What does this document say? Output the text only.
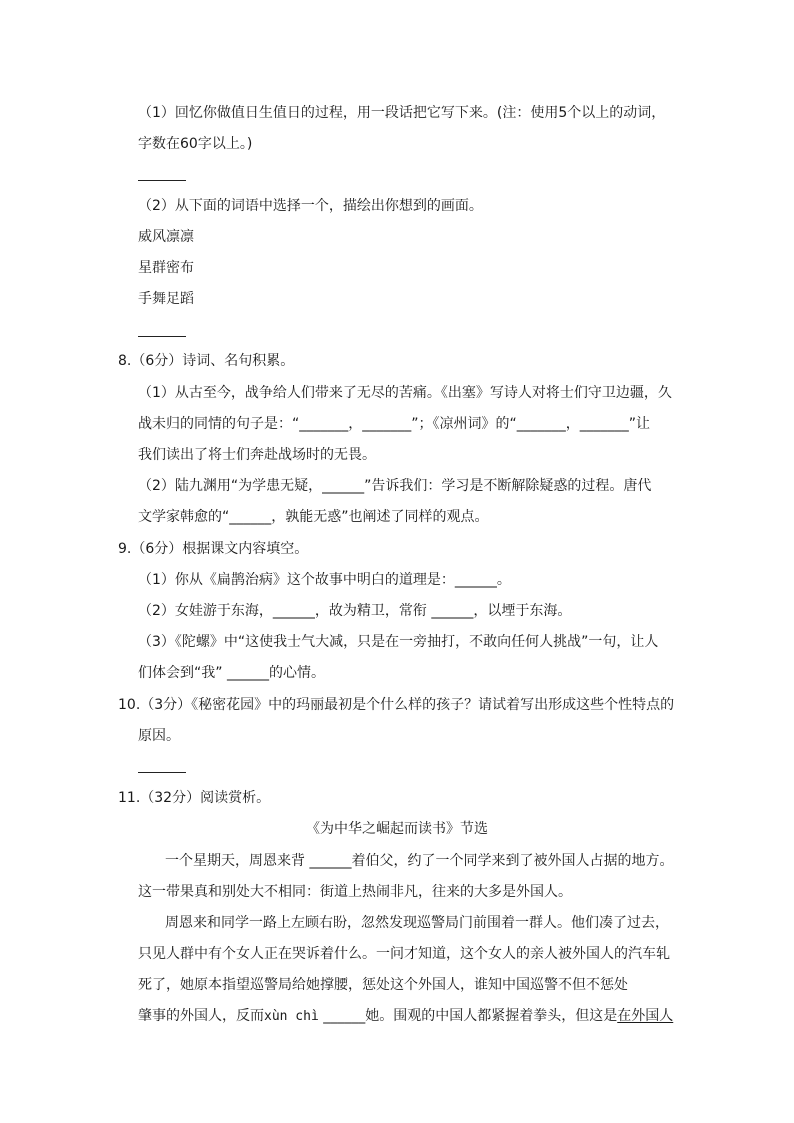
（1）回忆你做值日生值日的过程，用一段话把它写下来。(注：使用5个以上的动词，
字数在60字以上。)
（2）从下面的词语中选择一个，描绘出你想到的画面。
威风凛凛
星群密布
手舞足蹈
8.（6分）诗词、名句积累。
（1）从古至今，战争给人们带来了无尽的苦痛。《出塞》写诗人对将士们守卫边疆，久
战未归的同情的句子是：“_______，_______”；《凉州词》的“_______，_______”让
我们读出了将士们奔赴战场时的无畏。
（2）陆九渊用“为学患无疑，______”告诉我们：学习是不断解除疑惑的过程。唐代
文学家韩愈的“______，孰能无惑”也阐述了同样的观点。
9.（6分）根据课文内容填空。
（1）你从《扁鹊治病》这个故事中明白的道理是：______。
（2）女娃游于东海，______，故为精卫，常衔 ______，以堙于东海。
（3）《陀螺》中“这使我士气大减，只是在一旁抽打，不敢向任何人挑战”一句，让人
们体会到“我” ______的心情。
10.（3分）《秘密花园》中的玛丽最初是个什么样的孩子？请试着写出形成这些个性特点的
原因。
11.（32分）阅读赏析。
《为中华之崛起而读书》节选
一个星期天，周恩来背 ______着伯父，约了一个同学来到了被外国人占据的地方。
这一带果真和别处大不相同：街道上热闹非凡，往来的大多是外国人。
周恩来和同学一路上左顾右盼，忽然发现巡警局门前围着一群人。他们凑了过去，
只见人群中有个女人正在哭诉着什么。一问才知道，这个女人的亲人被外国人的汽车轧
死了，她原本指望巡警局给她撑腰，惩处这个外国人，谁知中国巡警不但不惩处
肇事的外国人，反而xùn chì ______她。围观的中国人都紧握着拳头，但这是在外国人
